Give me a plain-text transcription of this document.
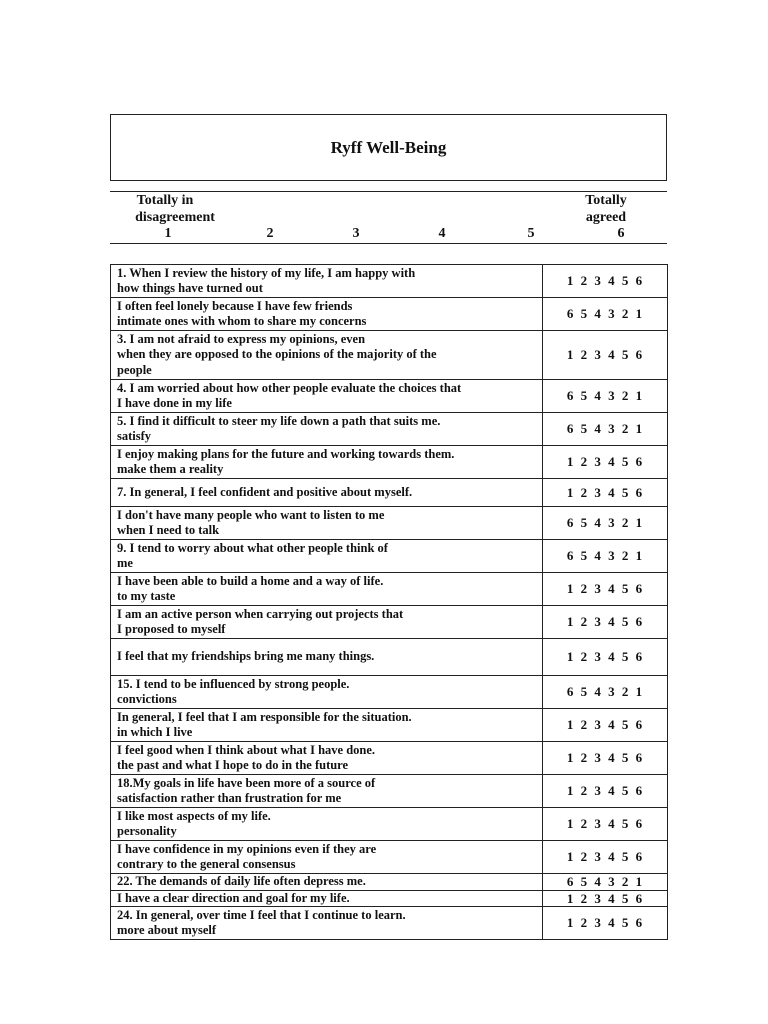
Ryff Well-Being
Totally in
disagreement
Totally
agreed
1	2	3	4	5	6
1. When I review the history of my life, I am happy with
how things have turned out	1 2 3 4 5 6

I often feel lonely because I have few friends
intimate ones with whom to share my concerns	6 5 4 3 2 1

3. I am not afraid to express my opinions, even
when they are opposed to the opinions of the majority of the
people	1 2 3 4 5 6

4. I am worried about how other people evaluate the choices that
I have done in my life	6 5 4 3 2 1

5. I find it difficult to steer my life down a path that suits me.
satisfy	6 5 4 3 2 1

I enjoy making plans for the future and working towards them.
make them a reality	1 2 3 4 5 6

7. In general, I feel confident and positive about myself.	1 2 3 4 5 6

I don't have many people who want to listen to me
when I need to talk	6 5 4 3 2 1

9. I tend to worry about what other people think of
me	6 5 4 3 2 1

I have been able to build a home and a way of life.
to my taste	1 2 3 4 5 6

I am an active person when carrying out projects that
I proposed to myself	1 2 3 4 5 6

I feel that my friendships bring me many things.	1 2 3 4 5 6

15. I tend to be influenced by strong people.
convictions	6 5 4 3 2 1

In general, I feel that I am responsible for the situation.
in which I live	1 2 3 4 5 6

I feel good when I think about what I have done.
the past and what I hope to do in the future	1 2 3 4 5 6

18.My goals in life have been more of a source of
satisfaction rather than frustration for me	1 2 3 4 5 6

I like most aspects of my life.
personality	1 2 3 4 5 6

I have confidence in my opinions even if they are
contrary to the general consensus	1 2 3 4 5 6

22. The demands of daily life often depress me.	6 5 4 3 2 1

I have a clear direction and goal for my life.	1 2 3 4 5 6

24. In general, over time I feel that I continue to learn.
more about myself	1 2 3 4 5 6
